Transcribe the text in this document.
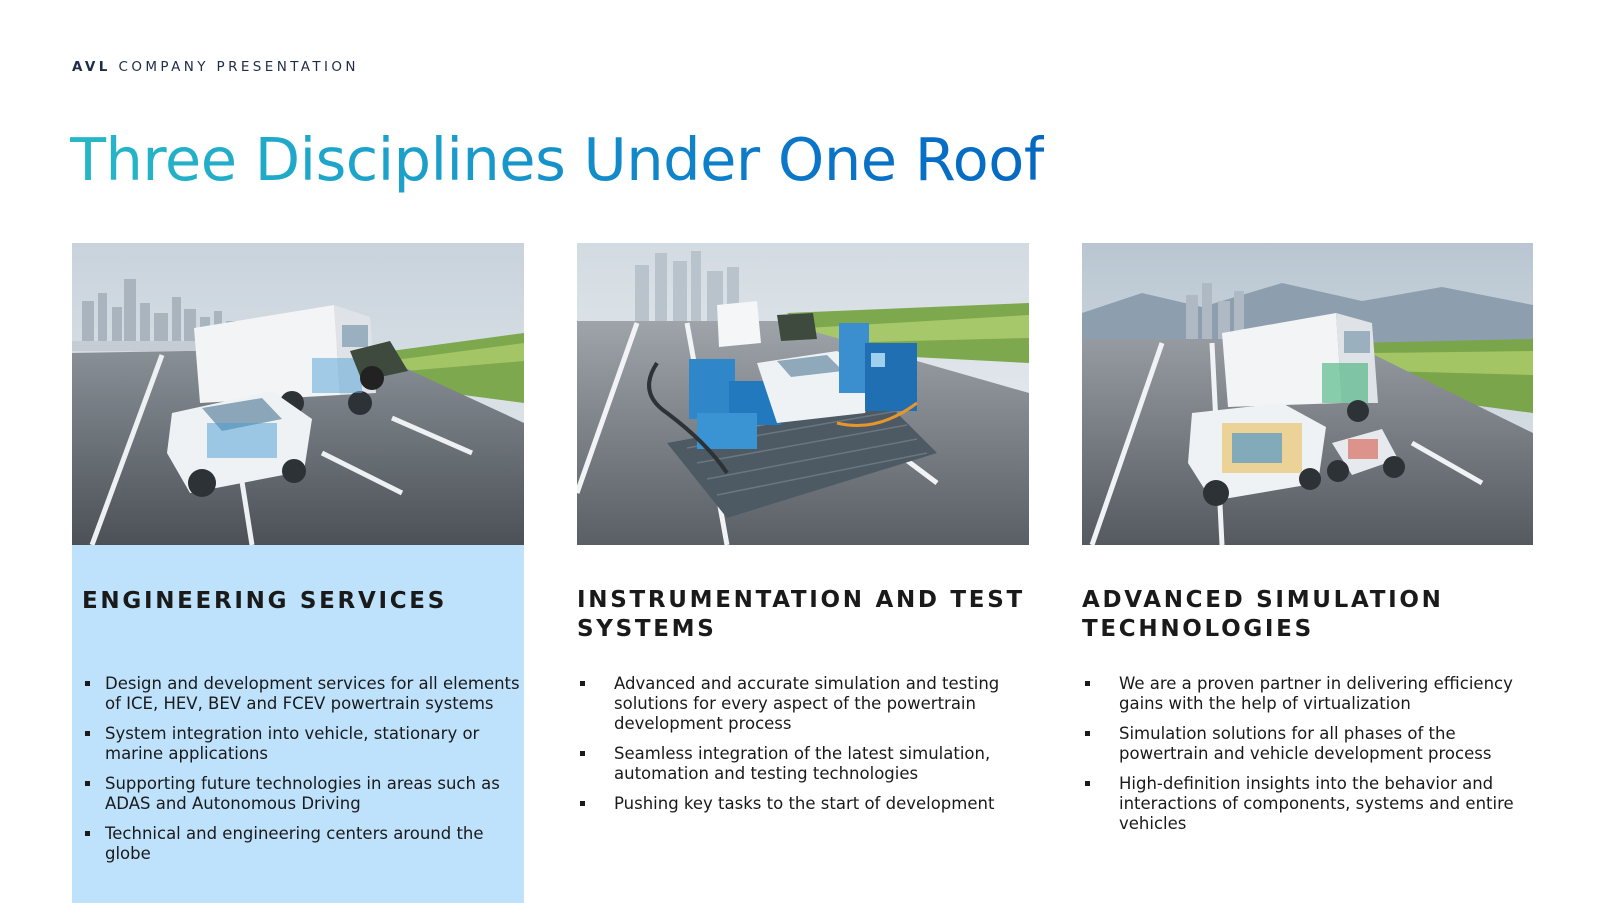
AVL COMPANY PRESENTATION
Three Disciplines Under One Roof
ENGINEERING SERVICES
Design and development services for all elements of ICE, HEV, BEV and FCEV powertrain systems
System integration into vehicle, stationary or marine applications
Supporting future technologies in areas such as ADAS and Autonomous Driving
Technical and engineering centers around the globe
INSTRUMENTATION AND TEST SYSTEMS
Advanced and accurate simulation and testing solutions for every aspect of the powertrain development process
Seamless integration of the latest simulation, automation and testing technologies
Pushing key tasks to the start of development
ADVANCED SIMULATION TECHNOLOGIES
We are a proven partner in delivering efficiency gains with the help of virtualization
Simulation solutions for all phases of the powertrain and vehicle development process
High-definition insights into the behavior and interactions of components, systems and entire vehicles
